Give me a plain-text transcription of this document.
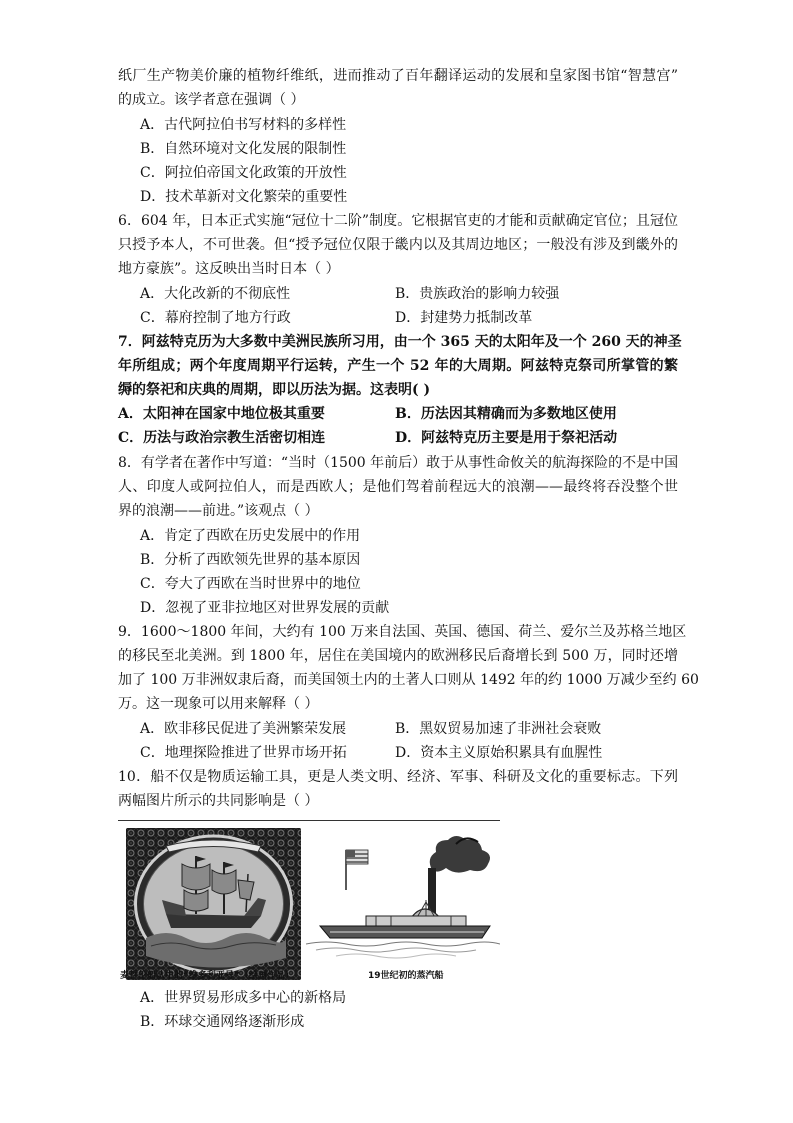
纸厂生产物美价廉的植物纤维纸，进而推动了百年翻译运动的发展和皇家图书馆“智慧宫”
的成立。该学者意在强调（ ）
A．古代阿拉伯书写材料的多样性
B．自然环境对文化发展的限制性
C．阿拉伯帝国文化政策的开放性
D．技术革新对文化繁荣的重要性
6．604 年，日本正式实施“冠位十二阶”制度。它根据官吏的才能和贡献确定官位；且冠位
只授予本人，不可世袭。但“授予冠位仅限于畿内以及其周边地区；一般没有涉及到畿外的
地方豪族”。这反映出当时日本（ ）
A．大化改新的不彻底性	B．贵族政治的影响力较强
C．幕府控制了地方行政	D．封建势力抵制改革
7．阿兹特克历为大多数中美洲民族所习用，由一个 365 天的太阳年及一个 260 天的神圣
年所组成；两个年度周期平行运转，产生一个 52 年的大周期。阿兹特克祭司所掌管的繁
缛的祭祀和庆典的周期，即以历法为据。这表明( )
A．太阳神在国家中地位极其重要	B．历法因其精确而为多数地区使用
C．历法与政治宗教生活密切相连	D．阿兹特克历主要是用于祭祀活动
8．有学者在著作中写道：“当时（1500 年前后）敢于从事性命攸关的航海探险的不是中国
人、印度人或阿拉伯人，而是西欧人；是他们驾着前程远大的浪潮——最终将吞没整个世
界的浪潮——前进。”该观点（ ）
A．肯定了西欧在历史发展中的作用
B．分析了西欧领先世界的基本原因
C．夸大了西欧在当时世界中的地位
D．忽视了亚非拉地区对世界发展的贡献
9．1600～1800 年间，大约有 100 万来自法国、英国、德国、荷兰、爱尔兰及苏格兰地区
的移民至北美洲。到 1800 年，居住在美国境内的欧洲移民后裔增长到 500 万，同时还增
加了 100 万非洲奴隶后裔，而美国领土内的土著人口则从 1492 年的约 1000 万减少至约 60
万。这一现象可以用来解释（ ）
A．欧非移民促进了美洲繁荣发展	B．黑奴贸易加速了非洲社会衰败
C．地理探险推进了世界市场开拓	D．资本主义原始积累具有血腥性
10．船不仅是物质运输工具，更是人类文明、经济、军事、科研及文化的重要标志。下列
两幅图片所示的共同影响是（ ）
麦哲伦船队中的“维多利亚号”（绘画作品）	19世纪初的蒸汽船
A．世界贸易形成多中心的新格局
B．环球交通网络逐渐形成
